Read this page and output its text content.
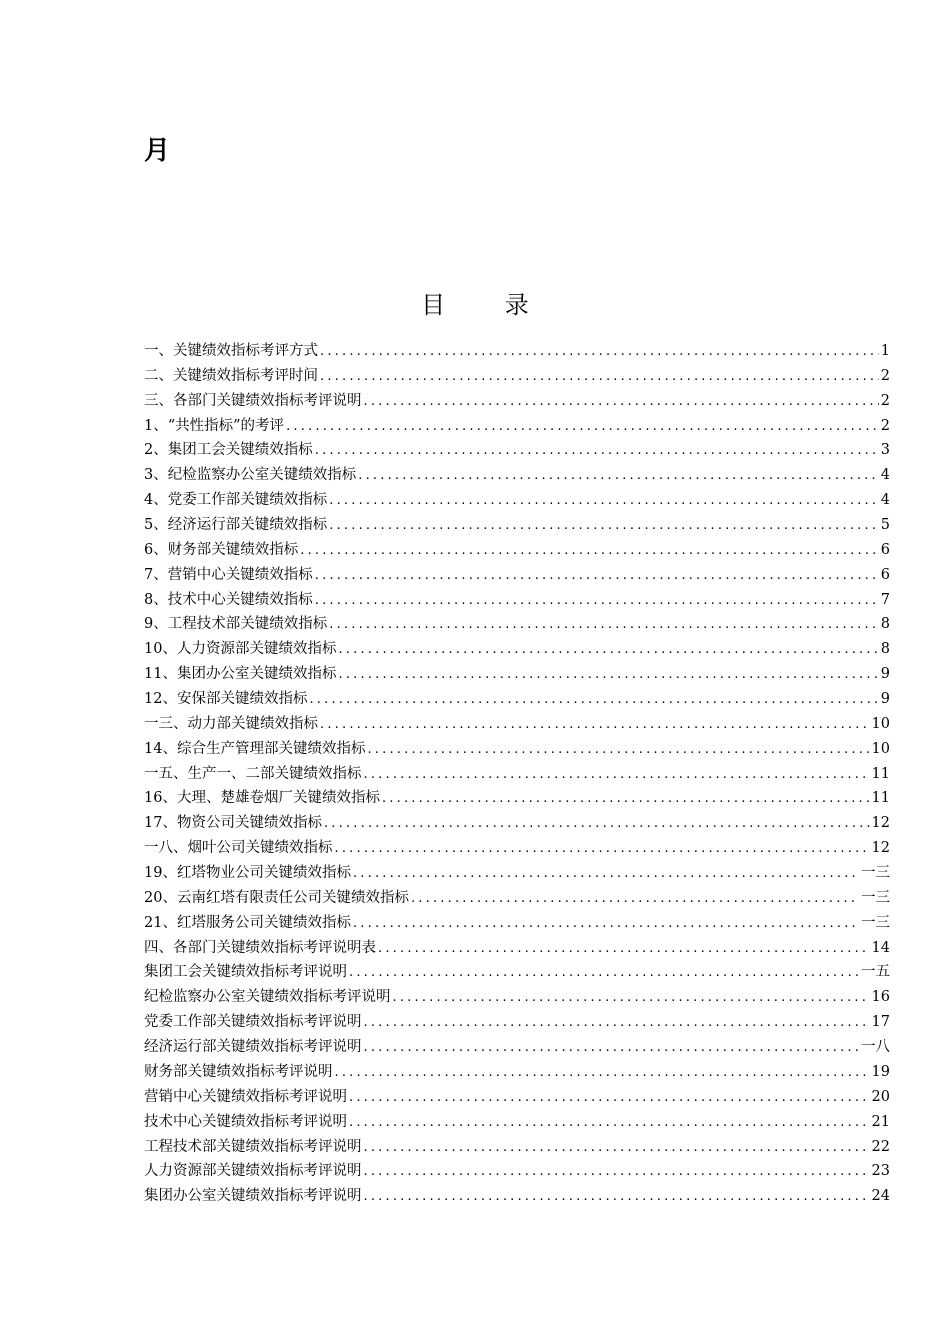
月
目 录
一、关键绩效指标考评方式 .....	1
二、关键绩效指标考评时间 .....	2
三、各部门关键绩效指标考评说明 .....	2
1、“共性指标”的考评 .....	2
2、集团工会关键绩效指标 .....	3
3、纪检监察办公室关键绩效指标 .....	4
4、党委工作部关键绩效指标 .....	4
5、经济运行部关键绩效指标 .....	5
6、财务部关键绩效指标 .....	6
7、营销中心关键绩效指标 .....	6
8、技术中心关键绩效指标 .....	7
9、工程技术部关键绩效指标 .....	8
10、人力资源部关键绩效指标 .....	8
11、集团办公室关键绩效指标 .....	9
12、安保部关键绩效指标 .....	9
一三、动力部关键绩效指标 .....	10
14、综合生产管理部关键绩效指标 .....	10
一五、生产一、二部关键绩效指标 .....	11
16、大理、楚雄卷烟厂关键绩效指标 .....	11
17、物资公司关键绩效指标 .....	12
一八、烟叶公司关键绩效指标 .....	12
19、红塔物业公司关键绩效指标 .....	一三
20、云南红塔有限责任公司关键绩效指标 .....	一三
21、红塔服务公司关键绩效指标 .....	一三
四、各部门关键绩效指标考评说明表 .....	14
集团工会关键绩效指标考评说明 .....	一五
纪检监察办公室关键绩效指标考评说明 .....	16
党委工作部关键绩效指标考评说明 .....	17
经济运行部关键绩效指标考评说明 .....	一八
财务部关键绩效指标考评说明 .....	19
营销中心关键绩效指标考评说明 .....	20
技术中心关键绩效指标考评说明 .....	21
工程技术部关键绩效指标考评说明 .....	22
人力资源部关键绩效指标考评说明 .....	23
集团办公室关键绩效指标考评说明 .....	24
